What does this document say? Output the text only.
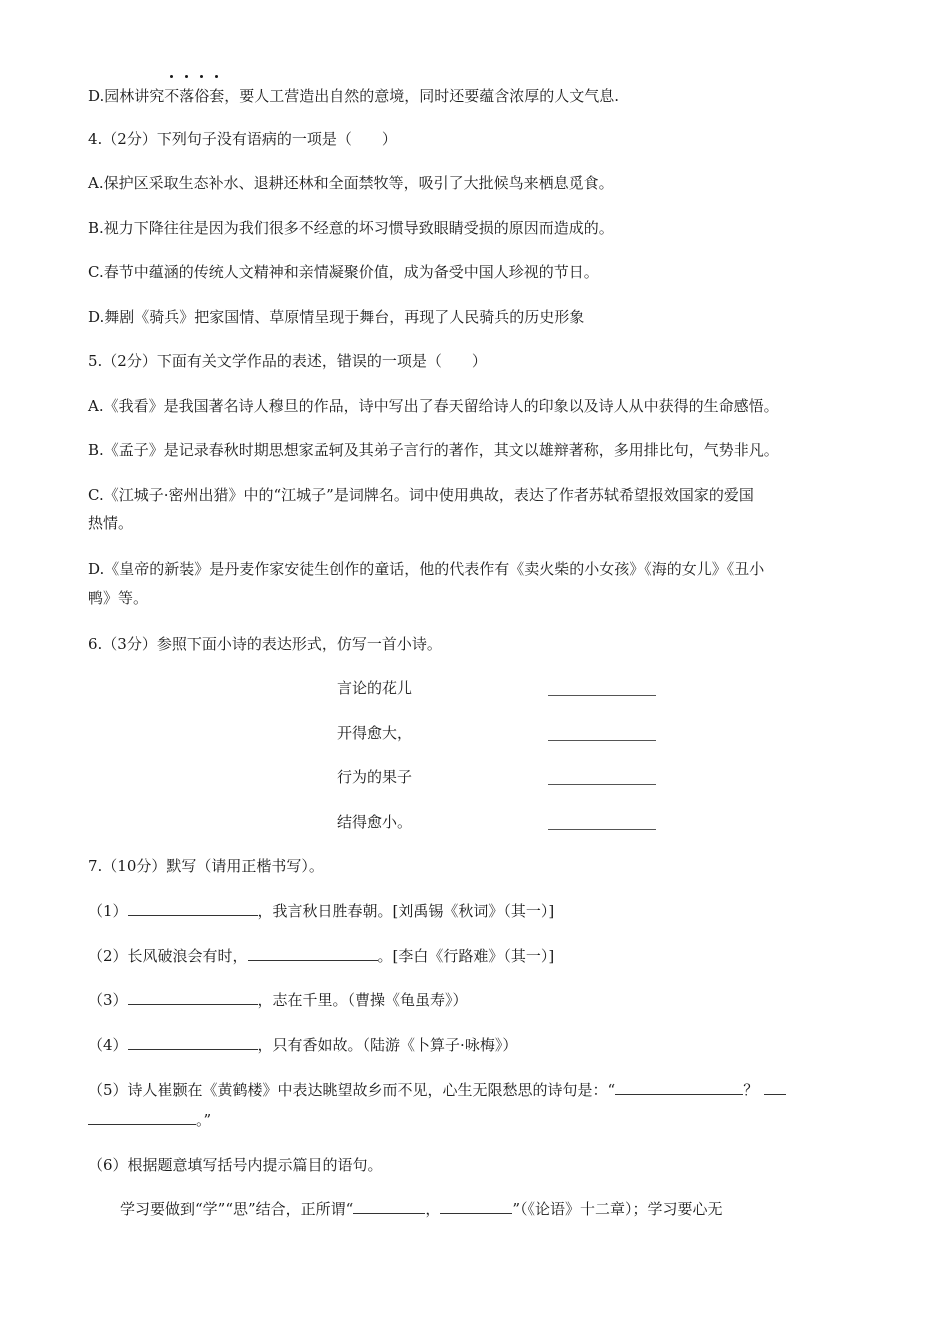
D.园林讲究
不落俗套，要人工营造出自然的意境，同时还要蕴含浓厚的人文气息.
4.（2分）下列句子没有语病的一项是（　　）
A.保护区采取生态补水、退耕还林和全面禁牧等，吸引了大批候鸟来栖息觅食。
B.视力下降往往是因为我们很多不经意的坏习惯导致眼睛受损的原因而造成的。
C.春节中蕴涵的传统人文精神和亲情凝聚价值，成为备受中国人珍视的节日。
D.舞剧《骑兵》把家国情、草原情呈现于舞台，再现了人民骑兵的历史形象
5.（2分）下面有关文学作品的表述，错误的一项是（　　）
A.《我看》是我国著名诗人穆旦的作品，诗中写出了春天留给诗人的印象以及诗人从中获得的生命感悟。
B.《孟子》是记录春秋时期思想家孟轲及其弟子言行的著作，其文以雄辩著称，多用排比句，气势非凡。
C.《江城子·密州出猎》中的“江城子”是词牌名。词中使用典故，表达了作者苏轼希望报效国家的爱国
热情。
D.《皇帝的新装》是丹麦作家安徒生创作的童话，他的代表作有《卖火柴的小女孩》《海的女儿》《丑小
鸭》等。
6.（3分）参照下面小诗的表达形式，仿写一首小诗。
言论的花儿
开得愈大，
行为的果子
结得愈小。
7.（10分）默写（请用正楷书写）。
（1）	，我言秋日胜春朝。[刘禹锡《秋词》（其一）]
（2）长风破浪会有时，	。[李白《行路难》（其一）]
（3）	，志在千里。（曹操《龟虽寿》）
（4）	，只有香如故。（陆游《卜算子·咏梅》）
（5）诗人崔颢在《黄鹤楼》中表达眺望故乡而不见，心生无限愁思的诗句是：“	？
。”
（6）根据题意填写括号内提示篇目的语句。
学习要做到“学”“思”结合，正所谓“	，	”（《论语》十二章）；学习要心无
